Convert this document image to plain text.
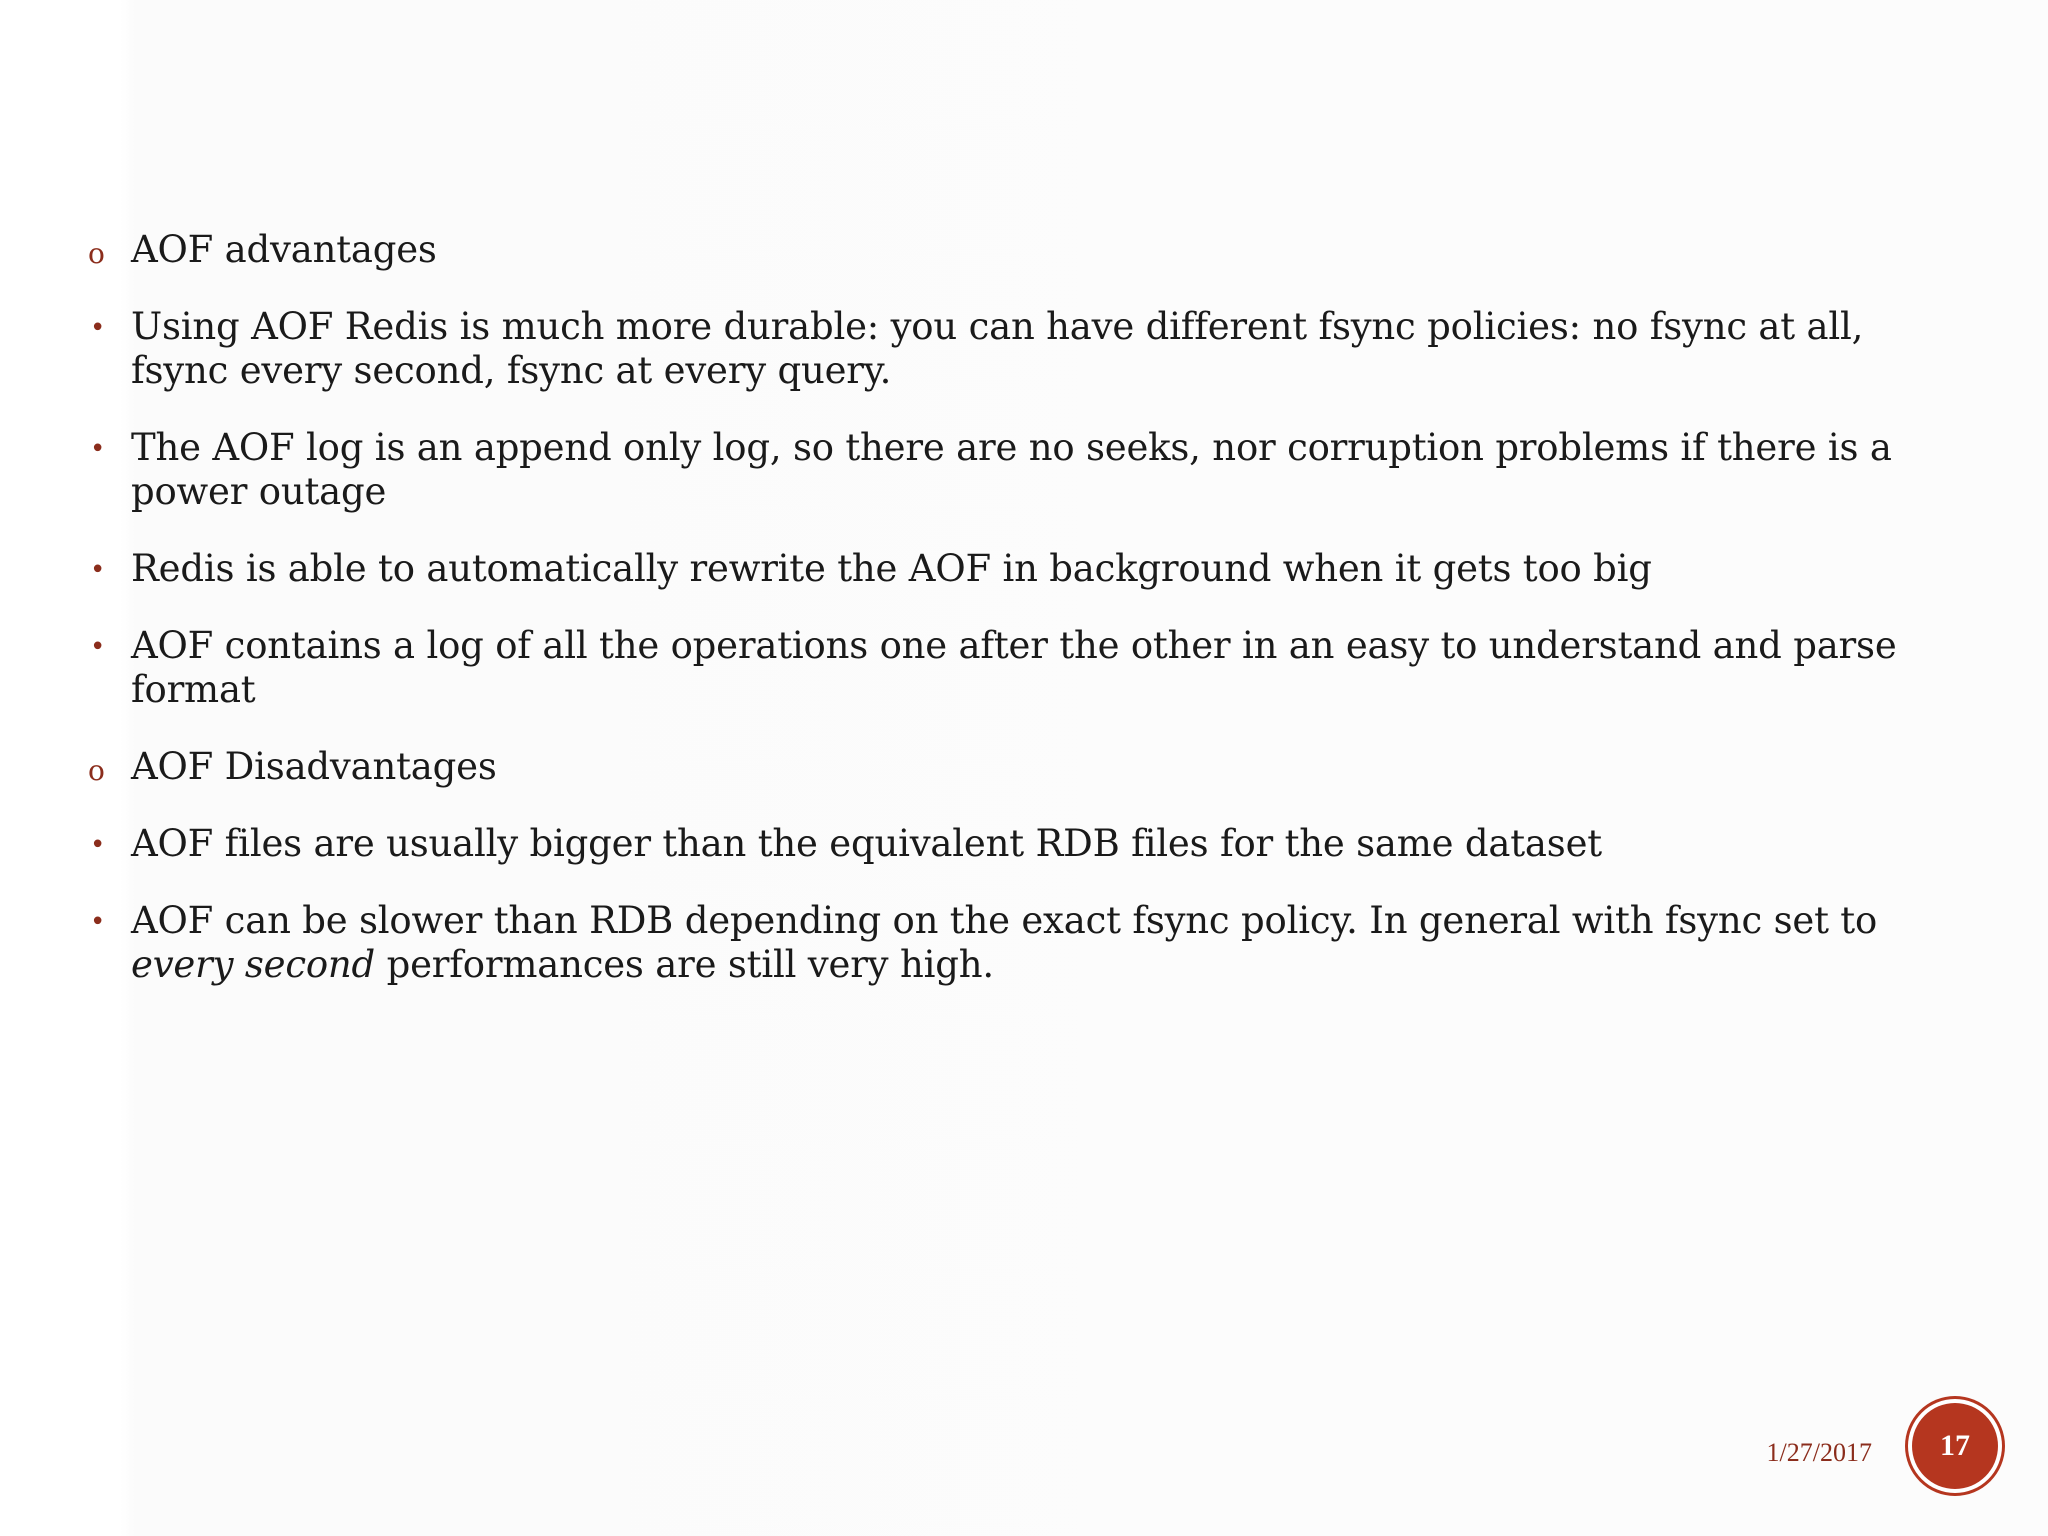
o AOF advantages
• Using AOF Redis is much more durable: you can have different fsync policies: no fsync at all, fsync every second, fsync at every query.
• The AOF log is an append only log, so there are no seeks, nor corruption problems if there is a power outage
• Redis is able to automatically rewrite the AOF in background when it gets too big
• AOF contains a log of all the operations one after the other in an easy to understand and parse format
o AOF Disadvantages
• AOF files are usually bigger than the equivalent RDB files for the same dataset
• AOF can be slower than RDB depending on the exact fsync policy. In general with fsync set to every second performances are still very high.
1/27/2017 17
